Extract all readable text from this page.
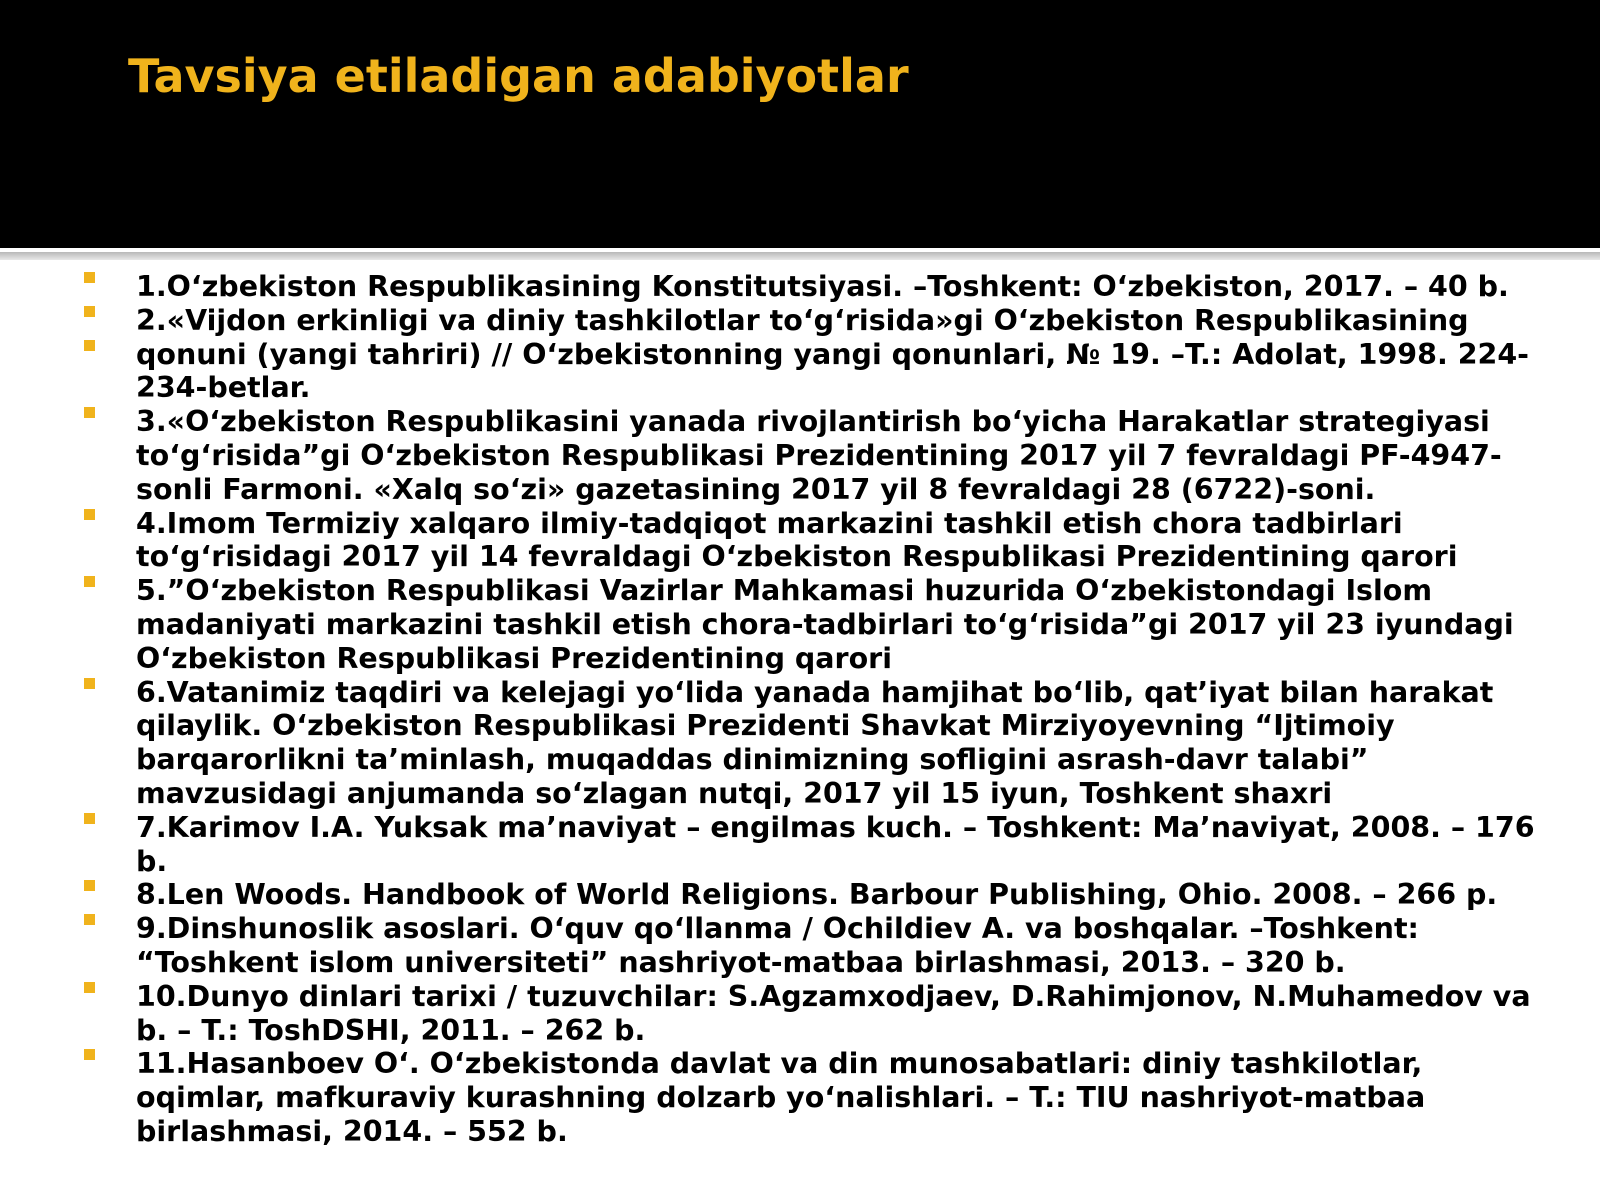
Tavsiya etiladigan adabiyotlar
1.O‘zbekiston Respublikasining Konstitutsiyasi. –Toshkent: O‘zbekiston, 2017. – 40 b.
2.«Vijdon erkinligi va diniy tashkilotlar to‘g‘risida»gi O‘zbekiston Respublikasining qonuni (yangi tahriri) // O‘zbekistonning yangi qonunlari, № 19. –T.: Adolat, 1998. 224-234-betlar.
3.«O‘zbekiston Respublikasini yanada rivojlantirish bo‘yicha Harakatlar strategiyasi to‘g‘risida”gi O‘zbekiston Respublikasi Prezidentining 2017 yil 7 fevraldagi PF-4947-sonli Farmoni. «Xalq so‘zi» gazetasining 2017 yil 8 fevraldagi 28 (6722)-soni.
4.Imom Termiziy xalqaro ilmiy-tadqiqot markazini tashkil etish chora tadbirlari to‘g‘risidagi 2017 yil 14 fevraldagi O‘zbekiston Respublikasi Prezidentining qarori
5.”O‘zbekiston Respublikasi Vazirlar Mahkamasi huzurida O‘zbekistondagi Islom madaniyati markazini tashkil etish chora-tadbirlari to‘g‘risida”gi 2017 yil 23 iyundagi O‘zbekiston Respublikasi Prezidentining qarori
6.Vatanimiz taqdiri va kelejagi yo‘lida yanada hamjihat bo‘lib, qat’iyat bilan harakat qilaylik. O‘zbekiston Respublikasi Prezidenti Shavkat Mirziyoyevning “Ijtimoiy barqarorlikni ta’minlash, muqaddas dinimizning sofligini asrash-davr talabi” mavzusidagi anjumanda so‘zlagan nutqi, 2017 yil 15 iyun, Toshkent shaxri
7.Karimov I.A. Yuksak ma’naviyat – engilmas kuch. – Toshkent: Ma’naviyat, 2008. – 176 b.
8.Len Woods. Handbook of World Religions. Barbour Publishing, Ohio. 2008. – 266 p.
9.Dinshunoslik asoslari. O‘quv qo‘llanma / Ochildiev A. va boshqalar. –Toshkent: “Toshkent islom universiteti” nashriyot-matbaa birlashmasi, 2013. – 320 b.
10.Dunyo dinlari tarixi / tuzuvchilar: S.Agzamxodjaev, D.Rahimjonov, N.Muhamedov va b. – T.: ToshDSHI, 2011. – 262 b.
11.Hasanboev O‘. O‘zbekistonda davlat va din munosabatlari: diniy tashkilotlar, oqimlar, mafkuraviy kurashning dolzarb yo‘nalishlari. – T.: TIU nashriyot-matbaa birlashmasi, 2014. – 552 b.
